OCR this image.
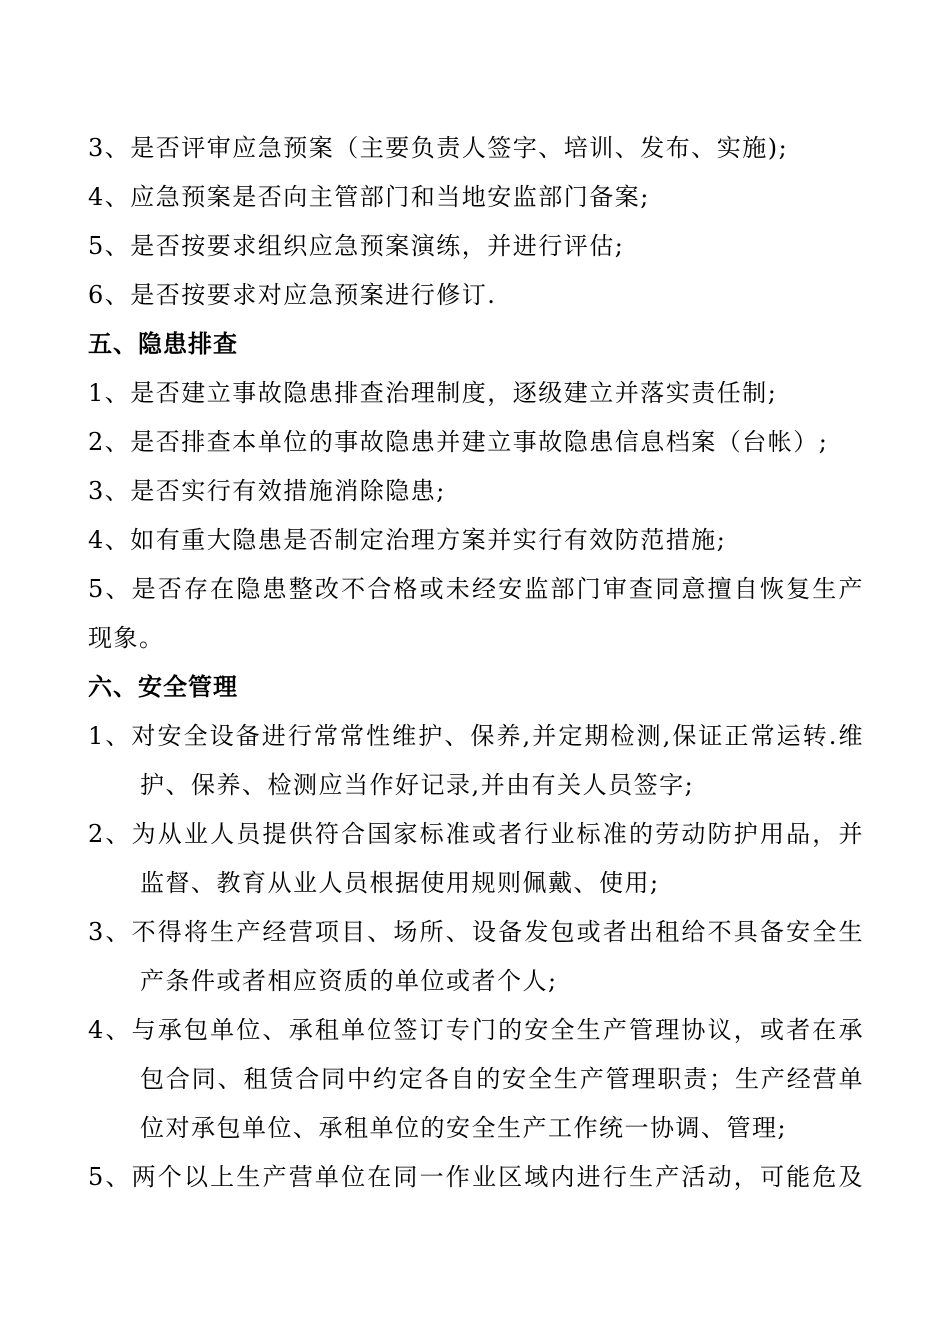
3、是否评审应急预案（主要负责人签字、培训、发布、实施);
4、应急预案是否向主管部门和当地安监部门备案;
5、是否按要求组织应急预案演练，并进行评估;
6、是否按要求对应急预案进行修订.
五、隐患排查
1、是否建立事故隐患排查治理制度，逐级建立并落实责任制;
2、是否排查本单位的事故隐患并建立事故隐患信息档案（台帐）;
3、是否实行有效措施消除隐患;
4、如有重大隐患是否制定治理方案并实行有效防范措施;
5、是否存在隐患整改不合格或未经安监部门审查同意擅自恢复生产
现象。
六、安全管理
1、对安全设备进行常常性维护、保养,并定期检测,保证正常运转.维
护、保养、检测应当作好记录,并由有关人员签字;
2、为从业人员提供符合国家标准或者行业标准的劳动防护用品，并
监督、教育从业人员根据使用规则佩戴、使用;
3、不得将生产经营项目、场所、设备发包或者出租给不具备安全生
产条件或者相应资质的单位或者个人;
4、与承包单位、承租单位签订专门的安全生产管理协议，或者在承
包合同、租赁合同中约定各自的安全生产管理职责；生产经营单
位对承包单位、承租单位的安全生产工作统一协调、管理;
5、两个以上生产营单位在同一作业区域内进行生产活动，可能危及
